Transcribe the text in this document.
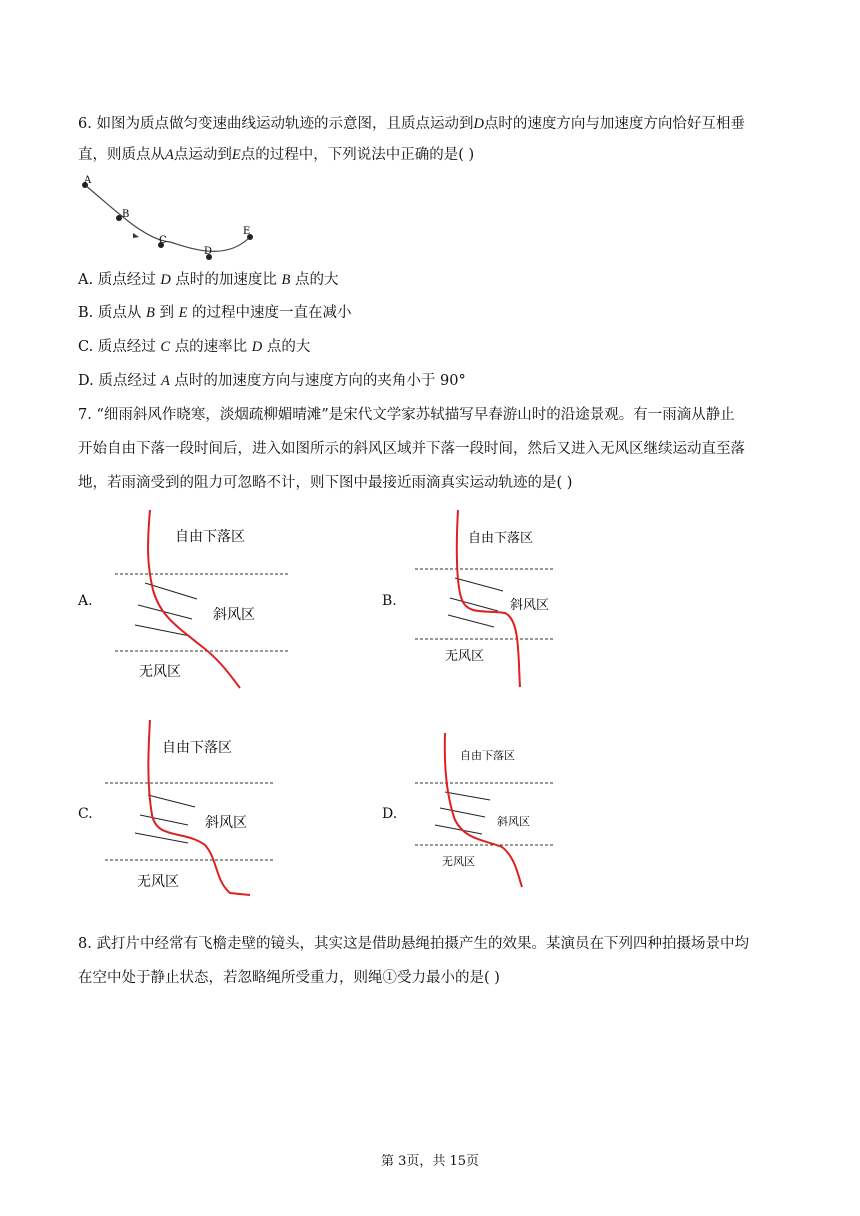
6. 如图为质点做匀变速曲线运动轨迹的示意图，且质点运动到D点时的速度方向与加速度方向恰好互相垂
直，则质点从A点运动到E点的过程中，下列说法中正确的是( )
A
B
C
D
E
A. 质点经过 D 点时的加速度比 B 点的大
B. 质点从 B 到 E 的过程中速度一直在减小
C. 质点经过 C 点的速率比 D 点的大
D. 质点经过 A 点时的加速度方向与速度方向的夹角小于 90°
7. “细雨斜风作晓寒，淡烟疏柳媚晴滩”是宋代文学家苏轼描写早春游山时的沿途景观。有一雨滴从静止
开始自由下落一段时间后，进入如图所示的斜风区域并下落一段时间，然后又进入无风区继续运动直至落
地，若雨滴受到的阻力可忽略不计，则下图中最接近雨滴真实运动轨迹的是( )
A.
自由下落区
斜风区
无风区
B.
自由下落区
斜风区
无风区
C.
自由下落区
斜风区
无风区
D.
自由下落区
斜风区
无风区
8. 武打片中经常有飞檐走壁的镜头，其实这是借助悬绳拍摄产生的效果。某演员在下列四种拍摄场景中均
在空中处于静止状态，若忽略绳所受重力，则绳①受力最小的是( )
第 3页，共 15页
